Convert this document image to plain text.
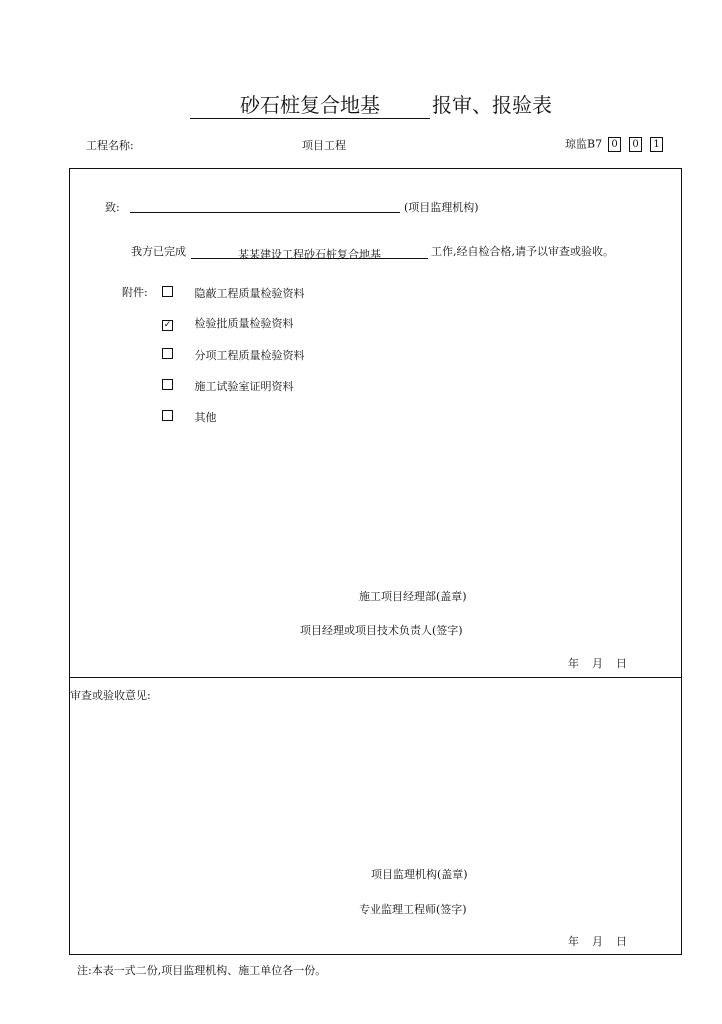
砂石桩复合地基	报审、报验表
工程名称:	项目工程	琼监B7 0 0 1
致:	(项目监理机构)
我方已完成	某某建设工程砂石桩复合地基	工作,经自检合格,请予以审查或验收。
附件:	隐蔽工程质量检验资料
✓ 检验批质量检验资料
分项工程质量检验资料
施工试验室证明资料
其他
施工项目经理部(盖章)
项目经理或项目技术负责人(签字)
年 月 日
审查或验收意见:
项目监理机构(盖章)
专业监理工程师(签字)
年 月 日
注:本表一式二份,项目监理机构、施工单位各一份。
